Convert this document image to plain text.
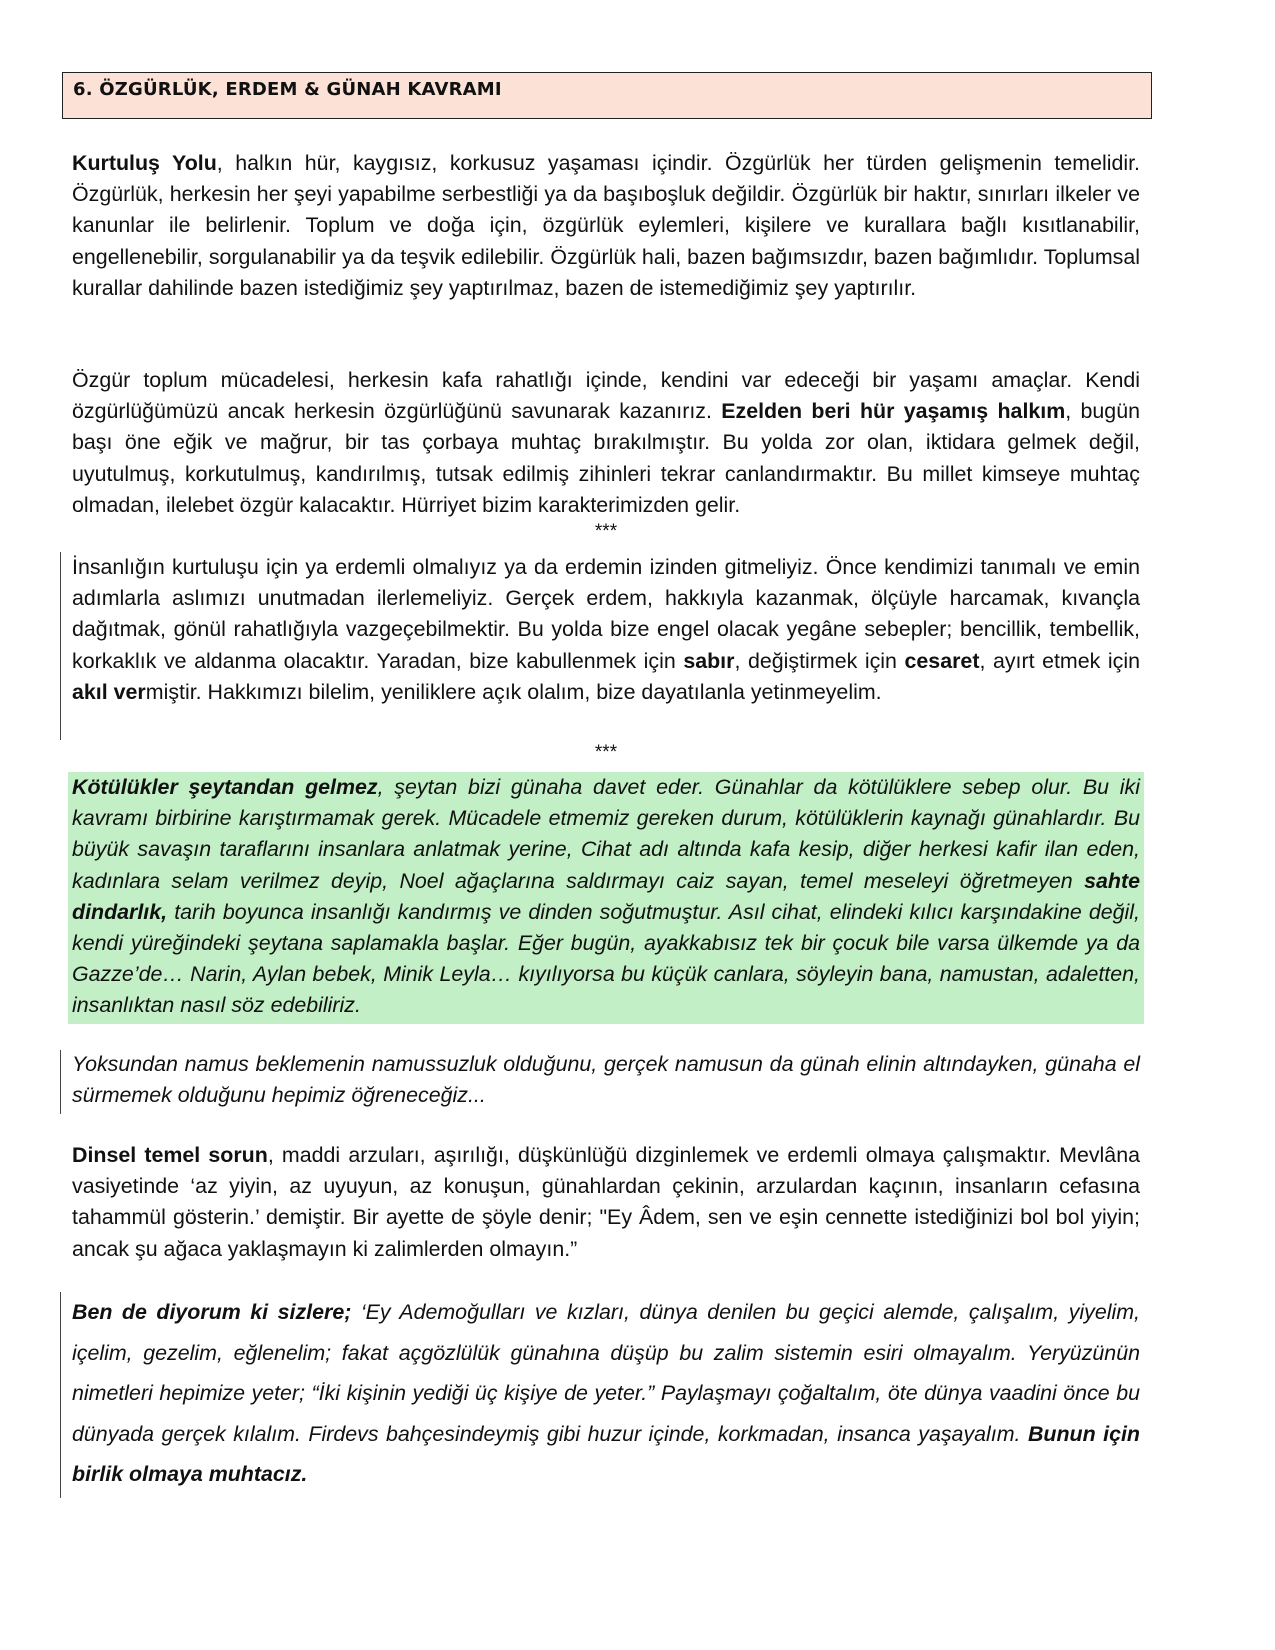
6. ÖZGÜRLÜK, ERDEM & GÜNAH KAVRAMI

Kurtuluş Yolu, halkın hür, kaygısız, korkusuz yaşaması içindir. Özgürlük her türden gelişmenin temelidir. Özgürlük, herkesin her şeyi yapabilme serbestliği ya da başıboşluk değildir. Özgürlük bir haktır, sınırları ilkeler ve kanunlar ile belirlenir. Toplum ve doğa için, özgürlük eylemleri, kişilere ve kurallara bağlı kısıtlanabilir, engellenebilir, sorgulanabilir ya da teşvik edilebilir. Özgürlük hali, bazen bağımsızdır, bazen bağımlıdır. Toplumsal kurallar dahilinde bazen istediğimiz şey yaptırılmaz, bazen de istemediğimiz şey yaptırılır.

Özgür toplum mücadelesi, herkesin kafa rahatlığı içinde, kendini var edeceği bir yaşamı amaçlar. Kendi özgürlüğümüzü ancak herkesin özgürlüğünü savunarak kazanırız. Ezelden beri hür yaşamış halkım, bugün başı öne eğik ve mağrur, bir tas çorbaya muhtaç bırakılmıştır. Bu yolda zor olan, iktidara gelmek değil, uyutulmuş, korkutulmuş, kandırılmış, tutsak edilmiş zihinleri tekrar canlandırmaktır. Bu millet kimseye muhtaç olmadan, ilelebet özgür kalacaktır. Hürriyet bizim karakterimizden gelir.

***

İnsanlığın kurtuluşu için ya erdemli olmalıyız ya da erdemin izinden gitmeliyiz. Önce kendimizi tanımalı ve emin adımlarla aslımızı unutmadan ilerlemeliyiz. Gerçek erdem, hakkıyla kazanmak, ölçüyle harcamak, kıvançla dağıtmak, gönül rahatlığıyla vazgeçebilmektir. Bu yolda bize engel olacak yegâne sebepler; bencillik, tembellik, korkaklık ve aldanma olacaktır. Yaradan, bize kabullenmek için sabır, değiştirmek için cesaret, ayırt etmek için akıl vermiştir. Hakkımızı bilelim, yeniliklere açık olalım, bize dayatılanla yetinmeyelim.

***

Kötülükler şeytandan gelmez, şeytan bizi günaha davet eder. Günahlar da kötülüklere sebep olur. Bu iki kavramı birbirine karıştırmamak gerek. Mücadele etmemiz gereken durum, kötülüklerin kaynağı günahlardır. Bu büyük savaşın taraflarını insanlara anlatmak yerine, Cihat adı altında kafa kesip, diğer herkesi kafir ilan eden, kadınlara selam verilmez deyip, Noel ağaçlarına saldırmayı caiz sayan, temel meseleyi öğretmeyen sahte dindarlık, tarih boyunca insanlığı kandırmış ve dinden soğutmuştur. Asıl cihat, elindeki kılıcı karşındakine değil, kendi yüreğindeki şeytana saplamakla başlar. Eğer bugün, ayakkabısız tek bir çocuk bile varsa ülkemde ya da Gazze’de… Narin, Aylan bebek, Minik Leyla… kıyılıyorsa bu küçük canlara, söyleyin bana, namustan, adaletten, insanlıktan nasıl söz edebiliriz.

Yoksundan namus beklemenin namussuzluk olduğunu, gerçek namusun da günah elinin altındayken, günaha el sürmemek olduğunu hepimiz öğreneceğiz...

Dinsel temel sorun, maddi arzuları, aşırılığı, düşkünlüğü dizginlemek ve erdemli olmaya çalışmaktır. Mevlâna vasiyetinde ‘az yiyin, az uyuyun, az konuşun, günahlardan çekinin, arzulardan kaçının, insanların cefasına tahammül gösterin.’ demiştir. Bir ayette de şöyle denir; "Ey Âdem, sen ve eşin cennette istediğinizi bol bol yiyin; ancak şu ağaca yaklaşmayın ki zalimlerden olmayın.”

Ben de diyorum ki sizlere; ‘Ey Ademoğulları ve kızları, dünya denilen bu geçici alemde, çalışalım, yiyelim, içelim, gezelim, eğlenelim; fakat açgözlülük günahına düşüp bu zalim sistemin esiri olmayalım. Yeryüzünün nimetleri hepimize yeter; “İki kişinin yediği üç kişiye de yeter.” Paylaşmayı çoğaltalım, öte dünya vaadini önce bu dünyada gerçek kılalım. Firdevs bahçesindeymiş gibi huzur içinde, korkmadan, insanca yaşayalım. Bunun için birlik olmaya muhtacız.
